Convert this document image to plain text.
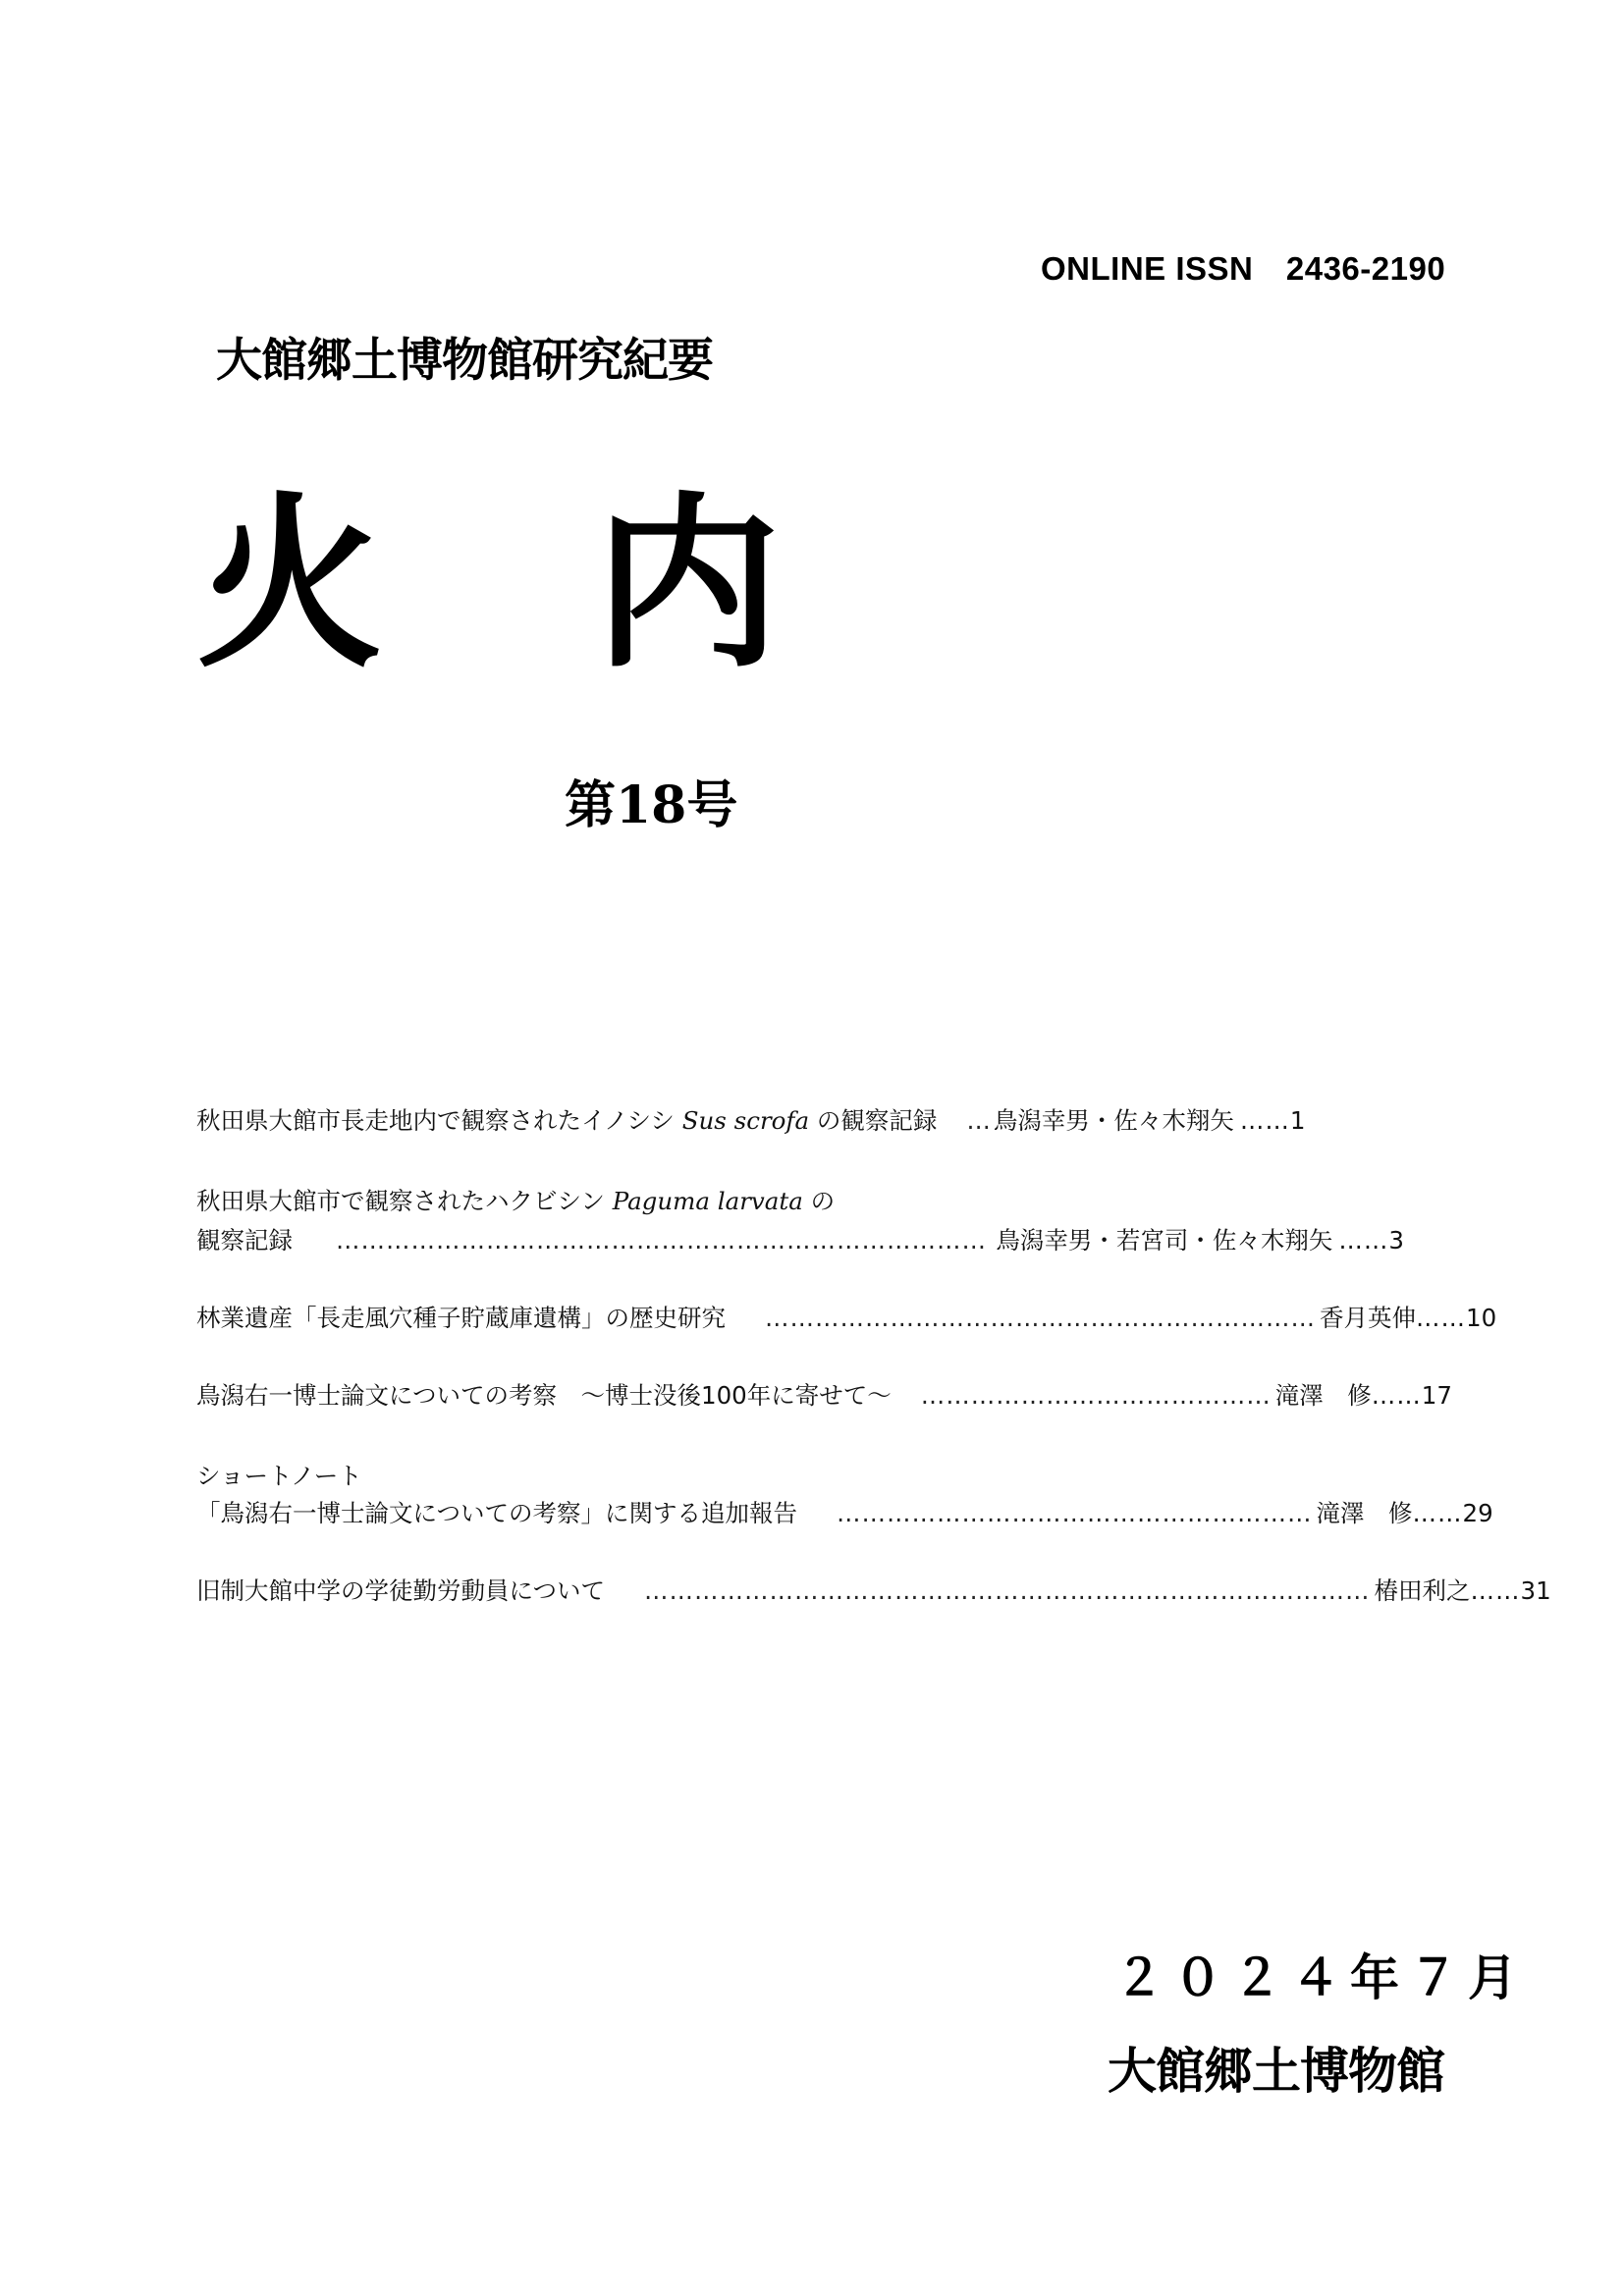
ONLINE ISSN　2436-2190
大館郷土博物館研究紀要
火 内
第18号
秋田県大館市長走地内で観察されたイノシシ Sus scrofa の観察記録 … 鳥潟幸男・佐々木翔矢 …… 1
秋田県大館市で観察されたハクビシン Paguma larvata の
観察記録 …………………………………………………………………… 鳥潟幸男・若宮司・佐々木翔矢 …… 3
林業遺産「長走風穴種子貯蔵庫遺構」の歴史研究 ………………………………………………………… 香月英伸 …… 10
鳥潟右一博士論文についての考察　～博士没後100年に寄せて～ …………………………………… 滝澤　修 …… 17
ショートノート
「鳥潟右一博士論文についての考察」に関する追加報告 ………………………………………………… 滝澤　修 …… 29
旧制大館中学の学徒勤労動員について …………………………………………………………………………… 椿田利之 …… 31
２０２４年７月
大館郷土博物館
